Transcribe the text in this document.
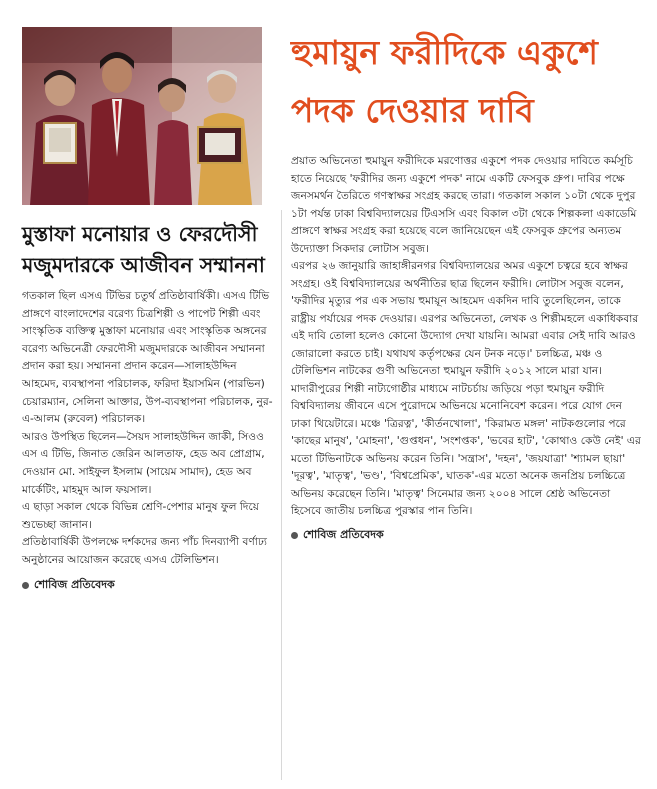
মুস্তাফা মনোয়ার ও ফেরদৌসী মজুমদারকে আজীবন সম্মাননা

গতকাল ছিল এসএ টিভির চতুর্থ প্রতিষ্ঠাবার্ষিকী। এসএ টিভি প্রাঙ্গণে বাংলাদেশের বরেণ্য চিত্রশিল্পী ও পাপেট শিল্পী এবং সাংস্কৃতিক ব্যক্তিত্ব মুস্তাফা মনোয়ার এবং সাংস্কৃতিক অঙ্গনের বরেণ্য অভিনেত্রী ফেরদৌসী মজুমদারকে আজীবন সম্মাননা প্রদান করা হয়। সম্মাননা প্রদান করেন—সালাহউদ্দিন আহমেদ, ব্যবস্থাপনা পরিচালক, ফরিদা ইয়াসমিন (পারভিন) চেয়ারম্যান, সেলিনা আক্তার, উপ-ব্যবস্থাপনা পরিচালক, নুর-এ-আলম (রুবেল) পরিচালক।

আরও উপস্থিত ছিলেন—সৈয়দ সালাহউদ্দিন জাকী, সিওও এস এ টিভি, জিনাত জেরিন আলতাফ, হেড অব প্রোগ্রাম, দেওয়ান মো. সাইফুল ইসলাম (সায়েম সামাদ), হেড অব মার্কেটিং, মাহমুদ আল ফয়সাল।

এ ছাড়া সকাল থেকে বিভিন্ন শ্রেণি-পেশার মানুষ ফুল দিয়ে শুভেচ্ছা জানান।

প্রতিষ্ঠাবার্ষিকী উপলক্ষে দর্শকদের জন্য পাঁচ দিনব্যাপী বর্ণাঢ্য অনুষ্ঠানের আয়োজন করেছে এসএ টেলিভিশন।

শোবিজ প্রতিবেদক
হুমায়ুন ফরীদিকে একুশে পদক দেওয়ার দাবি

প্রয়াত অভিনেতা হুমায়ুন ফরীদিকে মরণোত্তর একুশে পদক দেওয়ার দাবিতে কর্মসূচি হাতে নিয়েছে 'ফরীদির জন্য একুশে পদক' নামে একটি ফেসবুক গ্রুপ। দাবির পক্ষে জনসমর্থন তৈরিতে গণস্বাক্ষর সংগ্রহ করছে তারা। গতকাল সকাল ১০টা থেকে দুপুর ১টা পর্যন্ত ঢাকা বিশ্ববিদ্যালয়ের টিএসসি এবং বিকাল ৩টা থেকে শিল্পকলা একাডেমি প্রাঙ্গণে স্বাক্ষর সংগ্রহ করা হয়েছে বলে জানিয়েছেন এই ফেসবুক গ্রুপের অন্যতম উদ্যোক্তা সিকদার লোটাস সবুজ।

এরপর ২৬ জানুয়ারি জাহাঙ্গীরনগর বিশ্ববিদ্যালয়ের অমর একুশে চত্বরে হবে স্বাক্ষর সংগ্রহ। ওই বিশ্ববিদ্যালয়ের অর্থনীতির ছাত্র ছিলেন ফরীদি। লোটাস সবুজ বলেন, 'ফরীদির মৃত্যুর পর এক সভায় হুমায়ূন আহমেদ একদিন দাবি তুলেছিলেন, তাকে রাষ্ট্রীয় পর্যায়ের পদক দেওয়ার। এরপর অভিনেতা, লেখক ও শিল্পীমহলে একাধিকবার এই দাবি তোলা হলেও কোনো উদ্যোগ দেখা যায়নি। আমরা এবার সেই দাবি আরও জোরালো করতে চাই। যথাযথ কর্তৃপক্ষের যেন টনক নড়ে।' চলচ্চিত্র, মঞ্চ ও টেলিভিশন নাটকের গুণী অভিনেতা হুমায়ুন ফরীদি ২০১২ সালে মারা যান। মাদারীপুরের শিল্পী নাট্যগোষ্ঠীর মাধ্যমে নাটচর্চায় জড়িয়ে পড়া হুমায়ুন ফরীদি বিশ্ববিদ্যালয় জীবনে এসে পুরোদমে অভিনয়ে মনোনিবেশ করেন। পরে যোগ দেন ঢাকা থিয়েটারে। মঞ্চে 'ত্রিরত্ন', 'কীর্তনখোলা', 'কিরামত মঙ্গল' নাটকগুলোর পরে 'কাছের মানুষ', 'মোহনা', 'গুপ্তধন', 'সংশপ্তক', 'ভবের হাট', 'কোথাও কেউ নেই' এর মতো টিভিনাটকে অভিনয় করেন তিনি। 'সন্ত্রাস', 'দহন', 'জয়যাত্রা' 'শ্যামল ছায়া' 'দূরত্ব', 'মাতৃত্ব', 'ভণ্ড', 'বিশ্বপ্রেমিক', ঘাতক'-এর মতো অনেক জনপ্রিয় চলচ্চিত্রে অভিনয় করেছেন তিনি। 'মাতৃত্ব' সিনেমার জন্য ২০০৪ সালে শ্রেষ্ঠ অভিনেতা হিসেবে জাতীয় চলচ্চিত্র পুরস্কার পান তিনি।

শোবিজ প্রতিবেদক
